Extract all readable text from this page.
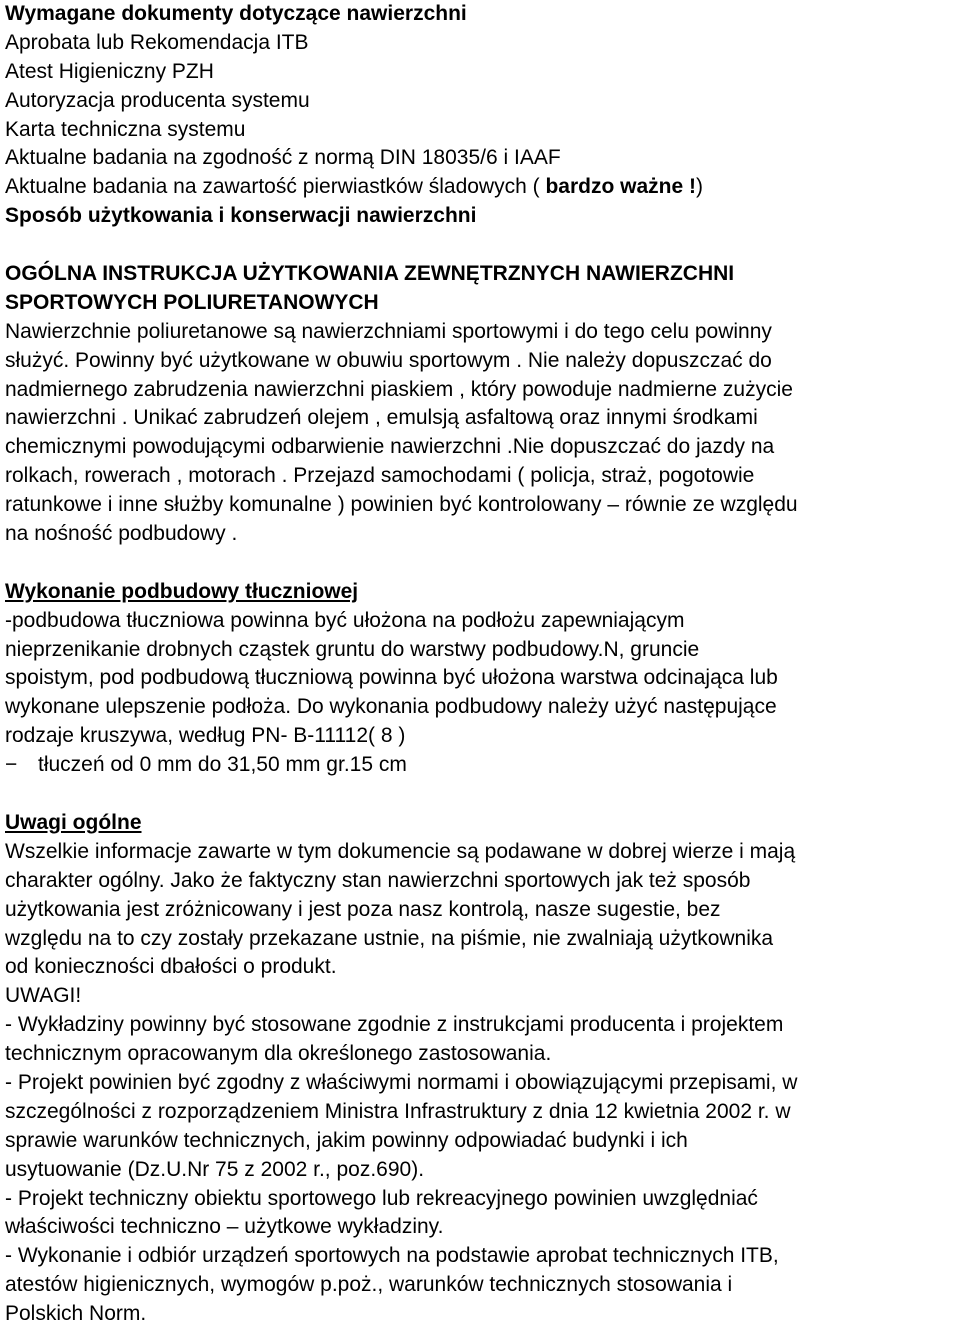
Wymagane dokumenty dotyczące nawierzchni
Aprobata lub Rekomendacja ITB
Atest Higieniczny PZH
Autoryzacja producenta systemu
Karta techniczna systemu
Aktualne badania na zgodność z normą DIN 18035/6 i IAAF
Aktualne badania na zawartość pierwiastków śladowych ( bardzo ważne !)
Sposób użytkowania i konserwacji nawierzchni
OGÓLNA INSTRUKCJA UŻYTKOWANIA ZEWNĘTRZNYCH NAWIERZCHNI
SPORTOWYCH POLIURETANOWYCH
Nawierzchnie poliuretanowe są nawierzchniami sportowymi i do tego celu powinny
służyć. Powinny być użytkowane w obuwiu sportowym . Nie należy dopuszczać do
nadmiernego zabrudzenia nawierzchni piaskiem , który powoduje nadmierne zużycie
nawierzchni . Unikać zabrudzeń olejem , emulsją asfaltową oraz innymi środkami
chemicznymi powodującymi odbarwienie nawierzchni .Nie dopuszczać do jazdy na
rolkach, rowerach , motorach . Przejazd samochodami ( policja, straż, pogotowie
ratunkowe i inne służby komunalne ) powinien być kontrolowany – równie ze względu
na nośność podbudowy .
Wykonanie podbudowy tłuczniowej
-podbudowa tłuczniowa powinna być ułożona na podłożu zapewniającym
nieprzenikanie drobnych cząstek gruntu do warstwy podbudowy.N, gruncie
spoistym, pod podbudową tłuczniową powinna być ułożona warstwa odcinająca lub
wykonane ulepszenie podłoża. Do wykonania podbudowy należy użyć następujące
rodzaje kruszywa, według PN- B-11112( 8 )
− tłuczeń od 0 mm do 31,50 mm gr.15 cm
Uwagi ogólne
Wszelkie informacje zawarte w tym dokumencie są podawane w dobrej wierze i mają
charakter ogólny. Jako że faktyczny stan nawierzchni sportowych jak też sposób
użytkowania jest zróżnicowany i jest poza nasz kontrolą, nasze sugestie, bez
względu na to czy zostały przekazane ustnie, na piśmie, nie zwalniają użytkownika
od konieczności dbałości o produkt.
UWAGI!
- Wykładziny powinny być stosowane zgodnie z instrukcjami producenta i projektem
technicznym opracowanym dla określonego zastosowania.
- Projekt powinien być zgodny z właściwymi normami i obowiązującymi przepisami, w
szczególności z rozporządzeniem Ministra Infrastruktury z dnia 12 kwietnia 2002 r. w
sprawie warunków technicznych, jakim powinny odpowiadać budynki i ich
usytuowanie (Dz.U.Nr 75 z 2002 r., poz.690).
- Projekt techniczny obiektu sportowego lub rekreacyjnego powinien uwzględniać
właściwości techniczno – użytkowe wykładziny.
- Wykonanie i odbiór urządzeń sportowych na podstawie aprobat technicznych ITB,
atestów higienicznych, wymogów p.poż., warunków technicznych stosowania i
Polskich Norm.
